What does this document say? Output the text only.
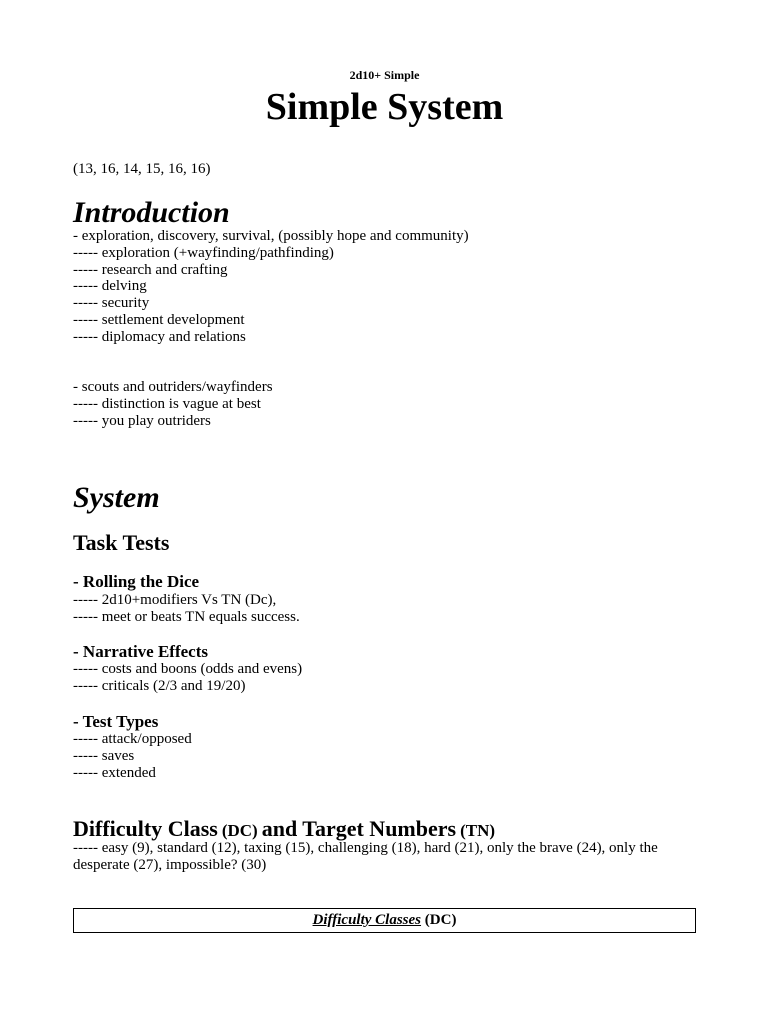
2d10+ Simple
Simple System
(13, 16, 14, 15, 16, 16)
Introduction
- exploration, discovery, survival, (possibly hope and community)
----- exploration (+wayfinding/pathfinding)
----- research and crafting
----- delving
----- security
----- settlement development
----- diplomacy and relations
- scouts and outriders/wayfinders
----- distinction is vague at best
----- you play outriders
System
Task Tests
- Rolling the Dice
----- 2d10+modifiers Vs TN (Dc),
----- meet or beats TN equals success.
- Narrative Effects
----- costs and boons (odds and evens)
----- criticals (2/3 and 19/20)
- Test Types
----- attack/opposed
----- saves
----- extended
Difficulty Class (DC) and Target Numbers (TN)
----- easy (9), standard (12), taxing (15), challenging (18), hard (21), only the brave (24), only the desperate (27), impossible? (30)
Difficulty Classes (DC)
